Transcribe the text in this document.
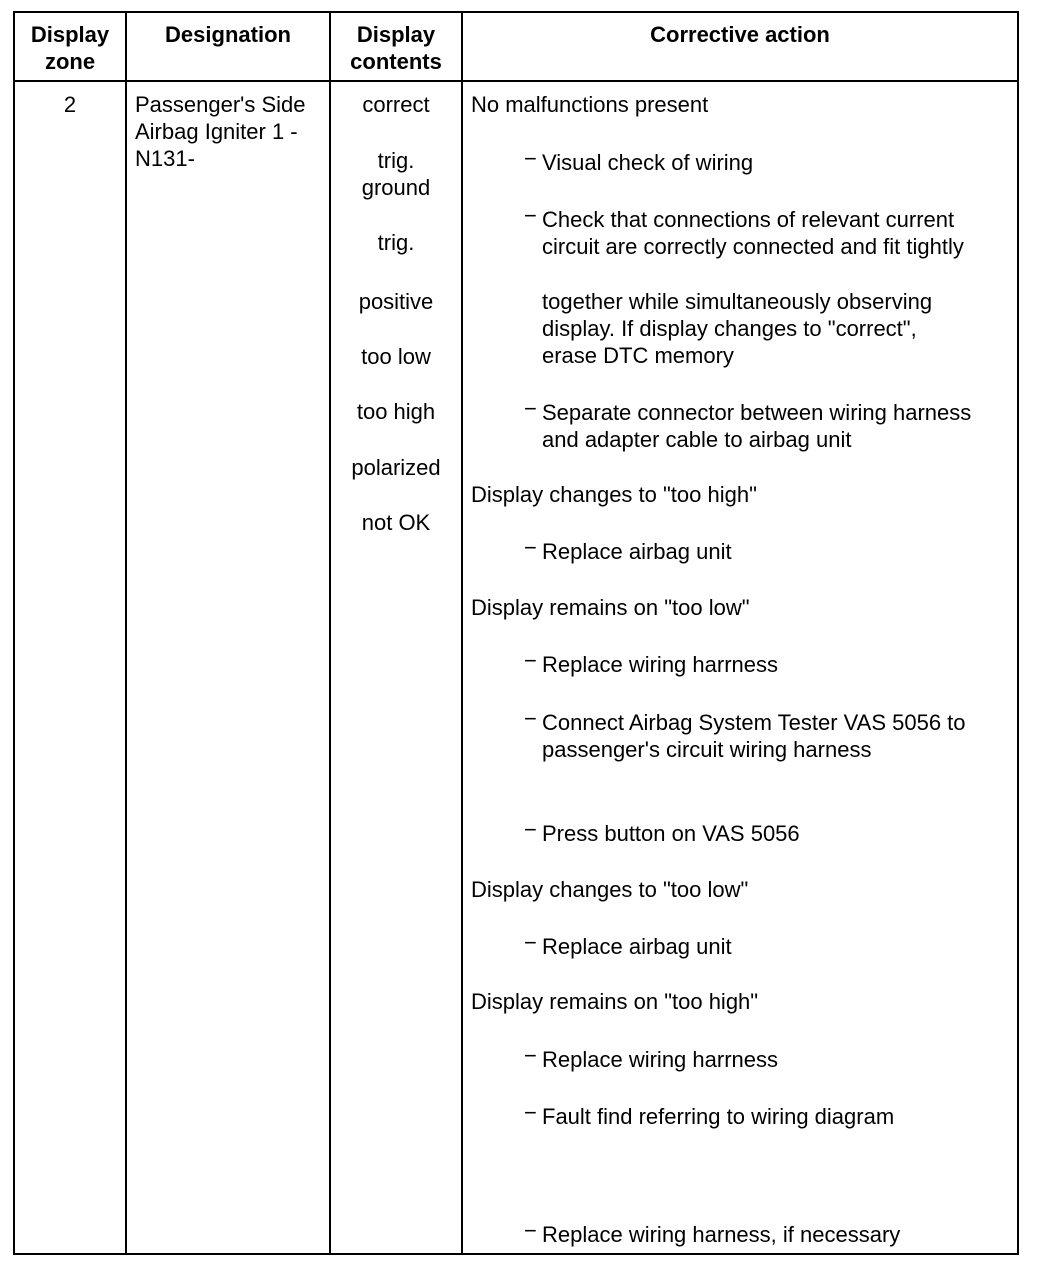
Display
zone
Designation	Display
contents
Corrective action
2	Passenger's Side
Airbag Igniter 1 -
N131-
correct
trig.
ground
trig.
positive
too low
too high
polarized
not OK
No malfunctions present
− Visual check of wiring
− Check that connections of relevant current
circuit are correctly connected and fit tightly
together while simultaneously observing
display. If display changes to "correct",
erase DTC memory
− Separate connector between wiring harness
and adapter cable to airbag unit
Display changes to "too high"
− Replace airbag unit
Display remains on "too low"
− Replace wiring harrness
− Connect Airbag System Tester VAS 5056 to
passenger's circuit wiring harness
− Press button on VAS 5056
Display changes to "too low"
− Replace airbag unit
Display remains on "too high"
− Replace wiring harrness
− Fault find referring to wiring diagram
− Replace wiring harness, if necessary
